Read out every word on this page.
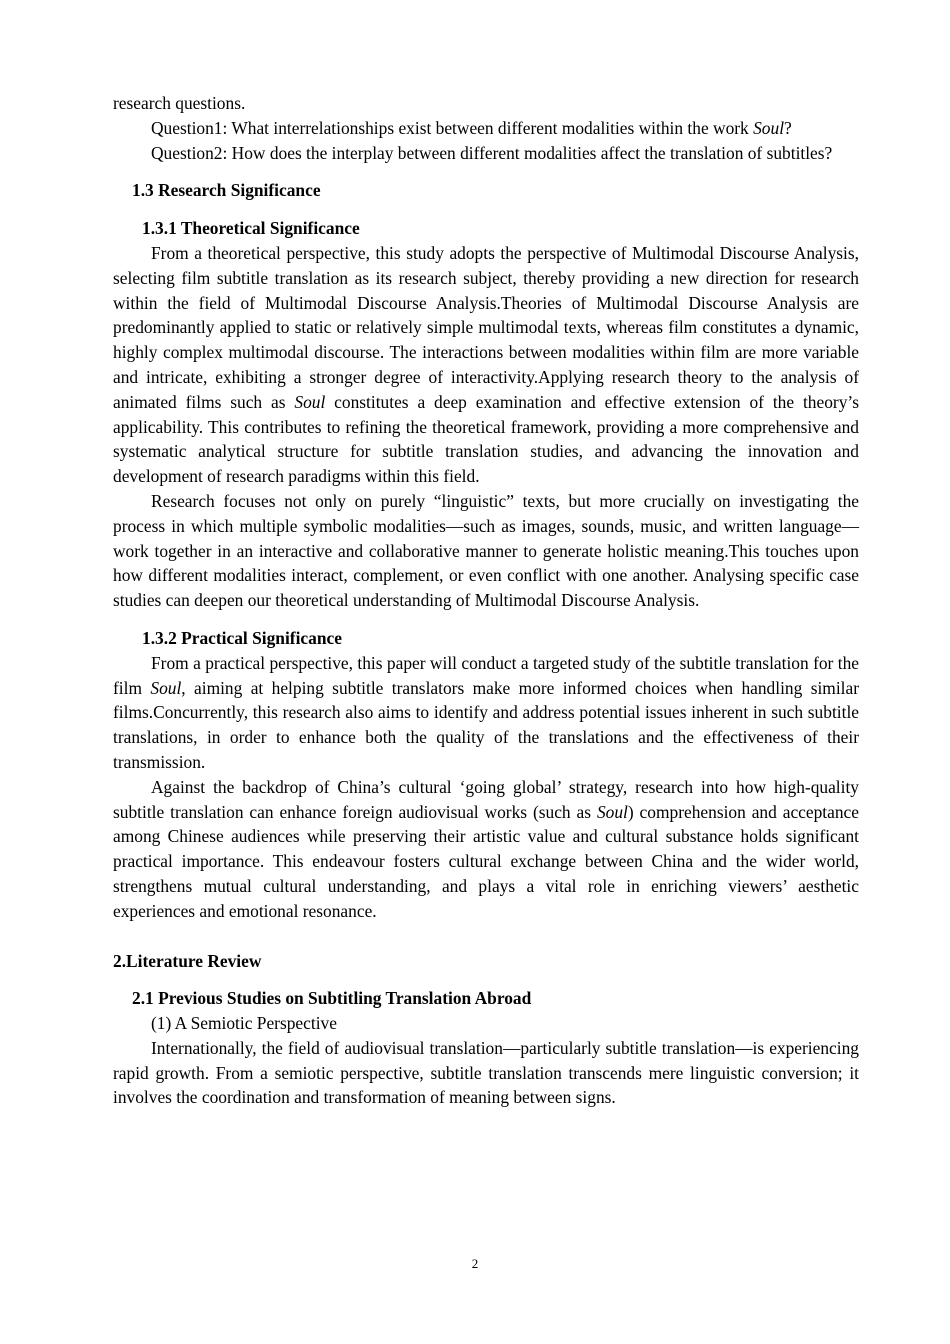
research questions.

Question1: What interrelationships exist between different modalities within the work Soul?

Question2: How does the interplay between different modalities affect the translation of subtitles?

1.3 Research Significance
1.3.1 Theoretical Significance

From a theoretical perspective, this study adopts the perspective of Multimodal Discourse Analysis, selecting film subtitle translation as its research subject, thereby providing a new direction for research within the field of Multimodal Discourse Analysis.Theories of Multimodal Discourse Analysis are predominantly applied to static or relatively simple multimodal texts, whereas film constitutes a dynamic, highly complex multimodal discourse. The interactions between modalities within film are more variable and intricate, exhibiting a stronger degree of interactivity.Applying research theory to the analysis of animated films such as Soul constitutes a deep examination and effective extension of the theory’s applicability. This contributes to refining the theoretical framework, providing a more comprehensive and systematic analytical structure for subtitle translation studies, and advancing the innovation and development of research paradigms within this field.

Research focuses not only on purely “linguistic” texts, but more crucially on investigating the process in which multiple symbolic modalities—such as images, sounds, music, and written language—work together in an interactive and collaborative manner to generate holistic meaning.This touches upon how different modalities interact, complement, or even conflict with one another. Analysing specific case studies can deepen our theoretical understanding of Multimodal Discourse Analysis.

1.3.2 Practical Significance

From a practical perspective, this paper will conduct a targeted study of the subtitle translation for the film Soul, aiming at helping subtitle translators make more informed choices when handling similar films.Concurrently, this research also aims to identify and address potential issues inherent in such subtitle translations, in order to enhance both the quality of the translations and the effectiveness of their transmission.

Against the backdrop of China’s cultural ‘going global’ strategy, research into how high-quality subtitle translation can enhance foreign audiovisual works (such as Soul) comprehension and acceptance among Chinese audiences while preserving their artistic value and cultural substance holds significant practical importance. This endeavour fosters cultural exchange between China and the wider world, strengthens mutual cultural understanding, and plays a vital role in enriching viewers’ aesthetic experiences and emotional resonance.

2.Literature Review
2.1 Previous Studies on Subtitling Translation Abroad

(1) A Semiotic Perspective

Internationally, the field of audiovisual translation—particularly subtitle translation—is experiencing rapid growth. From a semiotic perspective, subtitle translation transcends mere linguistic conversion; it involves the coordination and transformation of meaning between signs.

2
